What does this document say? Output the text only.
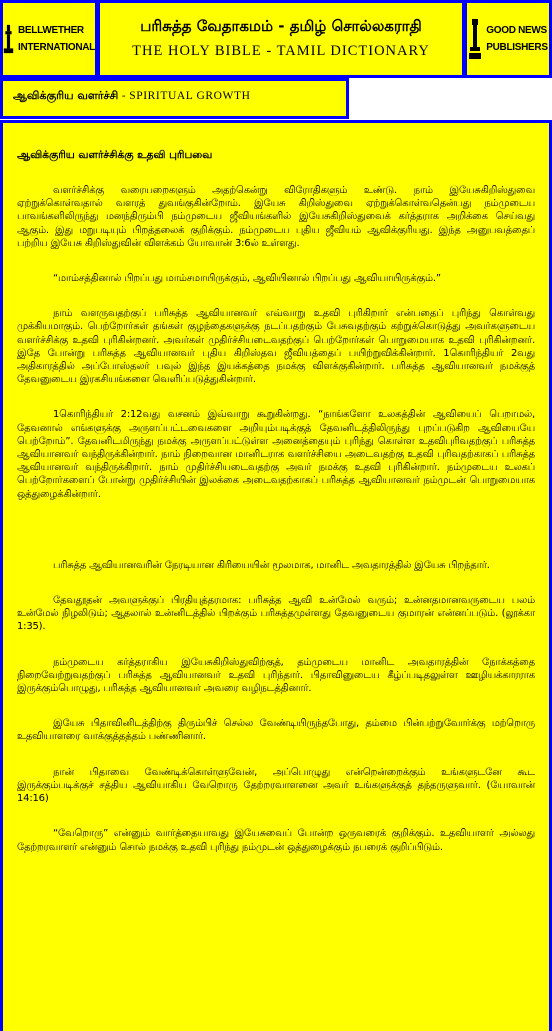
BELLWETHER
INTERNATIONAL
பரிசுத்த வேதாகமம் - தமிழ் சொல்லகராதி
THE HOLY BIBLE - TAMIL DICTIONARY
GOOD NEWS
PUBLISHERS
ஆவிக்குரிய வளர்ச்சி - SPIRITUAL GROWTH
ஆவிக்குரிய வளர்ச்சிக்கு உதவி புரிபவை

வளர்ச்சிக்கு வரையறைகளும் அதற்கென்று விரோதிகளும் உண்டு. நாம் இயேசுகிறிஸ்துவை ஏற்றுக்கொள்வதால் வளரத் துவங்குகின்றோம். இயேசு கிறிஸ்துவை ஏற்றுக்கொள்வதென்பது நம்முடைய பாவங்களிலிருந்து மனந்திரும்பி நம்முடைய ஜீவியங்களில் இயேசுகிறிஸ்துவைக் கர்த்தராக அறிக்கை செய்வது ஆகும். இது மறுபடியும் பிறத்தலைக் குறிக்கும். நம்முடைய புதிய ஜீவியம் ஆவிக்குரியது. இந்த அனுபவத்தைப் பற்றிய இயேசு கிறிஸ்துவின் விளக்கம் யோவான் 3:6ல் உள்ளது.

“மாம்சத்தினால் பிறப்பது மாம்சமாயிருக்கும், ஆவியினால் பிறப்பது ஆவியாயிருக்கும்.”

நாம் வளருவதற்குப் பரிசுத்த ஆவியானவர் எவ்வாறு உதவி புரிகிறார் என்பதைப் புரிந்து கொள்வது முக்கியமாகும். பெற்றோர்கள் தங்கள் குழந்தைகளுக்கு நடப்பதற்கும் பேசுவதற்கும் கற்றுக்கொடுத்து அவர்களுடைய வளர்ச்சிக்கு உதவி புரிகின்றனர். அவர்கள் முதிர்ச்சியடைவதற்குப் பெற்றோர்கள் பொறுமையாக உதவி புரிகின்றனர். இதே போன்று பரிசுத்த ஆவியானவர் புதிய கிறிஸ்தவ ஜீவியத்தைப் பயிற்றுவிக்கின்றார். 1கொரிந்தியர் 2வது அதிகாரத்தில் அப்போஸ்தலர் பவுல் இந்த இயக்கத்தை நமக்கு விளக்குகின்றார். பரிசுத்த ஆவியானவர் நமக்குத் தேவனுடைய இரகசியங்களை வெளிப்படுத்துகின்றார்.

1கொரிந்தியர் 2:12வது வசனம் இவ்வாறு கூறுகின்றது. “நாங்களோ உலகத்தின் ஆவியைப் பெறாமல், தேவனால் எங்களுக்கு அருளப்பட்டவைகளை அறியும்படிக்குத் தேவனிடத்திலிருந்து புறப்படுகிற ஆவியையே பெற்றோம்”. தேவனிடமிருந்து நமக்கு அருளப்பட்டுள்ள அனைத்தையும் புரிந்து கொள்ள உதவிபுரிவதற்குப் பரிசுத்த ஆவியானவர் வந்திருக்கின்றார். நாம் நிறைவான மானிடராக வளர்ச்சியை அடைவதற்கு உதவி புரிவதற்காகப் பரிசுத்த ஆவியானவர் வந்திருக்கிறார். நாம் முதிர்ச்சியடைவதற்கு அவர் நமக்கு உதவி புரிகின்றார். நம்முடைய உலகப் பெற்றோர்களைப் போன்று முதிர்ச்சியின் இலக்கை அடைவதற்காகப் பரிசுத்த ஆவியானவர் நம்முடன் பொறுமையாக ஒத்துழைக்கின்றார்.

பரிசுத்த ஆவியானவரின் நேரடியான கிரியையின் மூலமாக, மானிட அவதாரத்தில் இயேசு பிறந்தார்.

தேவதூதன் அவளுக்குப் பிரதியுத்தரமாக: பரிசுத்த ஆவி உன்மேல் வரும்; உன்னதமானவருடைய பலம் உன்மேல் நிழலிடும்; ஆதலால் உன்னிடத்தில் பிறக்கும் பரிசுத்தமுள்ளது தேவனுடைய குமாரன் என்னப்படும். (லூக்கா 1:35).

நம்முடைய கர்த்தராகிய இயேசுகிறிஸ்துவிற்குத், தம்முடைய மானிட அவதாரத்தின் நோக்கத்தை நிறைவேற்றுவதற்குப் பரிசுத்த ஆவியானவர் உதவி புரிந்தார். பிதாவினுடைய கீழ்ப்படிதலுள்ள ஊழியக்காரராக இருக்கும்பொழுது, பரிசுத்த ஆவியானவர் அவரை வழிநடத்தினார்.

இயேசு பிதாவினிடத்திற்கு திரும்பிச் செல்ல வேண்டியிருந்தபோது, தம்மை பின்பற்றுவோர்க்கு மற்றொரு உதவியாளரை வாக்குத்தத்தம் பண்ணினார்.

நான் பிதாவை வேண்டிக்கொள்ளுவேன், அப்பொழுது என்றென்றைக்கும் உங்களுடனே கூட இருக்கும்படிக்குச் சத்திய ஆவியாகிய வேறொரு தேற்றரவாளனை அவர் உங்களுக்குத் தந்தருளுவார். (யோவான் 14:16)

“வேறொரு” என்னும் வார்த்தையாவது இயேசுவைப் போன்ற ஒருவரைக் குறிக்கும். உதவியாளர் அல்லது தேற்றரவாளர் என்னும் சொல் நமக்கு உதவி புரிந்து நம்முடன் ஒத்துழைக்கும் நபரைக் குறிப்பிடும்.
